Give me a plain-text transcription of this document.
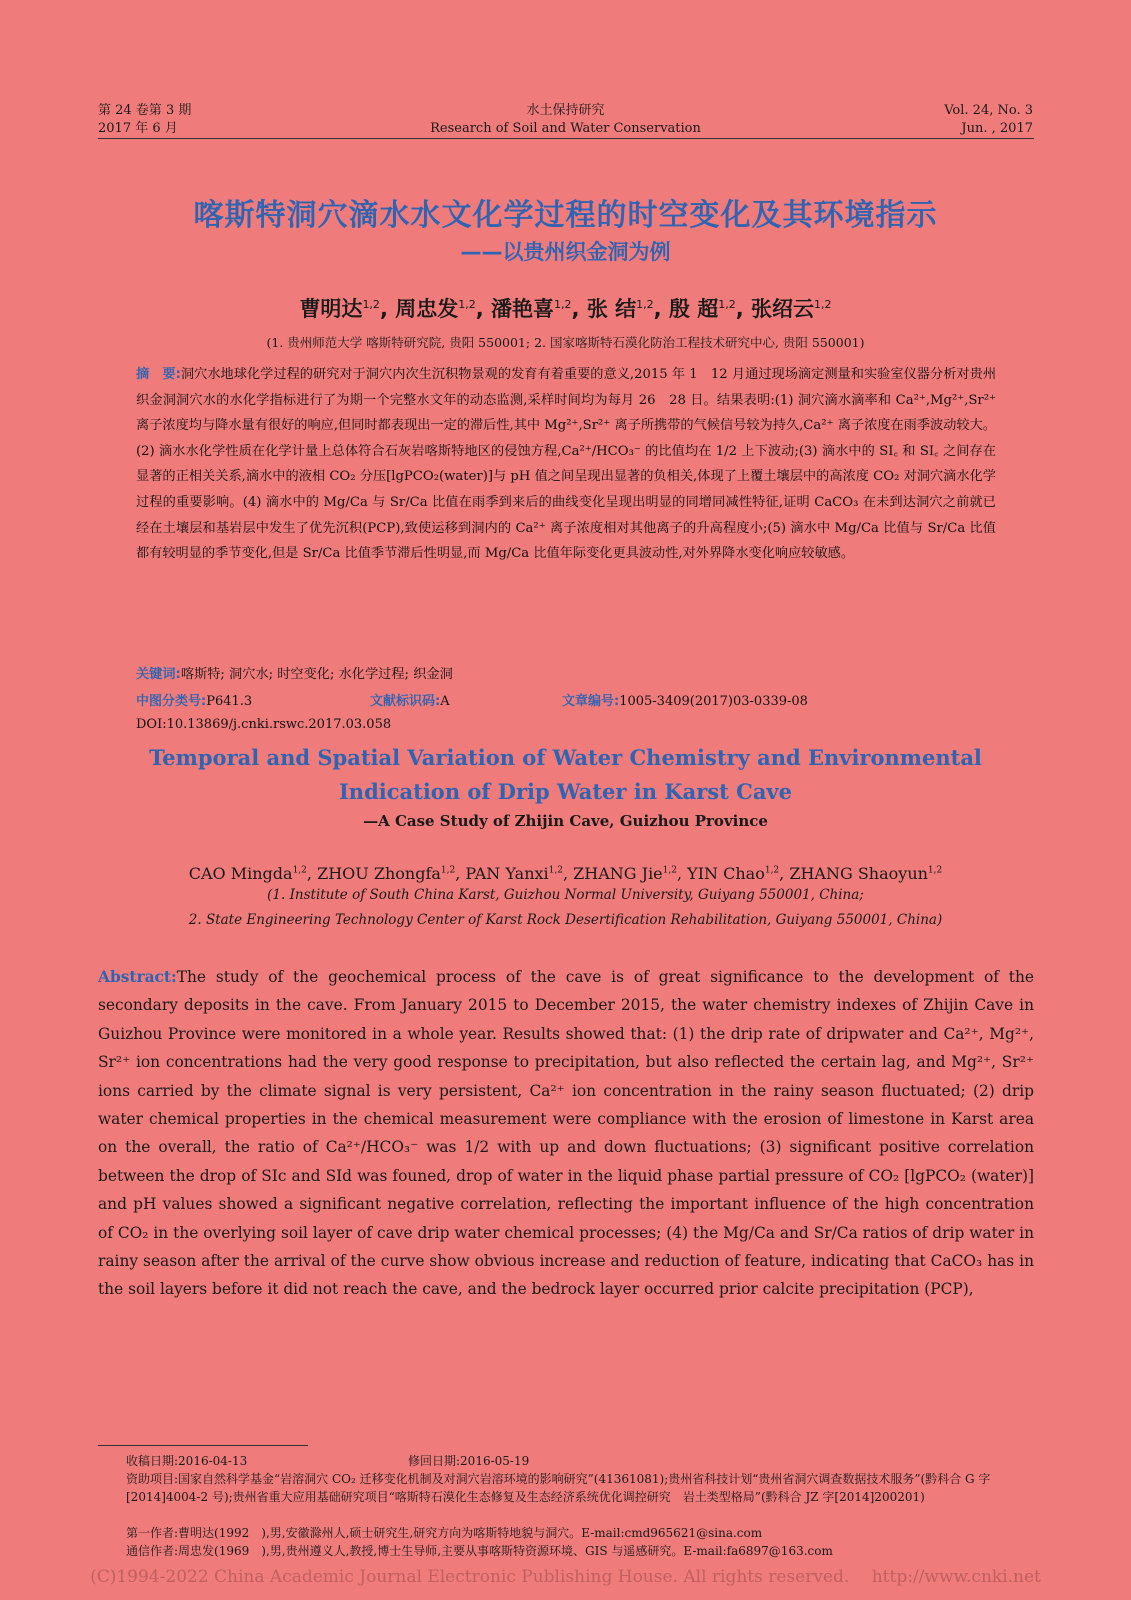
第 24 卷第 3 期
2017 年 6 月
水土保持研究
Research of Soil and Water Conservation
Vol. 24, No. 3
Jun. , 2017
喀斯特洞穴滴水水文化学过程的时空变化及其环境指示
——以贵州织金洞为例
曹明达$^{1,2}$, 周忠发$^{1,2}$, 潘艳喜$^{1,2}$, 张 结$^{1,2}$, 殷 超$^{1,2}$, 张绍云$^{1,2}$
(1. 贵州师范大学 喀斯特研究院, 贵阳 550001; 2. 国家喀斯特石漠化防治工程技术研究中心, 贵阳 550001)
摘　要:洞穴水地球化学过程的研究对于洞穴内次生沉积物景观的发育有着重要的意义,2015 年 1　12 月通过现场滴定测量和实验室仪器分析对贵州织金洞洞穴水的水化学指标进行了为期一个完整水文年的动态监测,采样时间均为每月 26　28 日。结果表明:(1) 洞穴滴水滴率和 Ca²⁺,Mg²⁺,Sr²⁺ 离子浓度均与降水量有很好的响应,但同时都表现出一定的滞后性,其中 Mg²⁺,Sr²⁺ 离子所携带的气候信号较为持久,Ca²⁺ 离子浓度在雨季波动较大。(2) 滴水水化学性质在化学计量上总体符合石灰岩喀斯特地区的侵蚀方程,Ca²⁺/HCO₃⁻ 的比值均在 1/2 上下波动;(3) 滴水中的 SI꜀ 和 SI꜀ 之间存在显著的正相关关系,滴水中的液相 CO₂ 分压[lgPCO₂(water)]与 pH 值之间呈现出显著的负相关,体现了上覆土壤层中的高浓度 CO₂ 对洞穴滴水化学过程的重要影响。(4) 滴水中的 Mg/Ca 与 Sr/Ca 比值在雨季到来后的曲线变化呈现出明显的同增同减性特征,证明 CaCO₃ 在未到达洞穴之前就已经在土壤层和基岩层中发生了优先沉积(PCP),致使运移到洞内的 Ca²⁺ 离子浓度相对其他离子的升高程度小;(5) 滴水中 Mg/Ca 比值与 Sr/Ca 比值都有较明显的季节变化,但是 Sr/Ca 比值季节滞后性明显,而 Mg/Ca 比值年际变化更具波动性,对外界降水变化响应较敏感。
关键词:喀斯特; 洞穴水; 时空变化; 水化学过程; 织金洞
中图分类号:P641.3	文献标识码:A	文章编号:1005-3409(2017)03-0339-08
DOI:10.13869/j.cnki.rswc.2017.03.058
Temporal and Spatial Variation of Water Chemistry and Environmental
Indication of Drip Water in Karst Cave
—A Case Study of Zhijin Cave, Guizhou Province
CAO Mingda$^{1,2}$, ZHOU Zhongfa$^{1,2}$, PAN Yanxi$^{1,2}$, ZHANG Jie$^{1,2}$, YIN Chao$^{1,2}$, ZHANG Shaoyun$^{1,2}$
(1. Institute of South China Karst, Guizhou Normal University, Guiyang 550001, China;
2. State Engineering Technology Center of Karst Rock Desertification Rehabilitation, Guiyang 550001, China)
Abstract:The study of the geochemical process of the cave is of great significance to the development of the secondary deposits in the cave. From January 2015 to December 2015, the water chemistry indexes of Zhijin Cave in Guizhou Province were monitored in a whole year. Results showed that: (1) the drip rate of dripwater and Ca²⁺, Mg²⁺, Sr²⁺ ion concentrations had the very good response to precipitation, but also reflected the certain lag, and Mg²⁺, Sr²⁺ ions carried by the climate signal is very persistent, Ca²⁺ ion concentration in the rainy season fluctuated; (2) drip water chemical properties in the chemical measurement were compliance with the erosion of limestone in Karst area on the overall, the ratio of Ca²⁺/HCO₃⁻ was 1/2 with up and down fluctuations; (3) significant positive correlation between the drop of SIc and SId was founed, drop of water in the liquid phase partial pressure of CO₂ [lgPCO₂ (water)] and pH values showed a significant negative correlation, reflecting the important influence of the high concentration of CO₂ in the overlying soil layer of cave drip water chemical processes; (4) the Mg/Ca and Sr/Ca ratios of drip water in rainy season after the arrival of the curve show obvious increase and reduction of feature, indicating that CaCO₃ has in the soil layers before it did not reach the cave, and the bedrock layer occurred prior calcite precipitation (PCP),
收稿日期:2016-04-13	修回日期:2016-05-19
资助项目:国家自然科学基金“岩溶洞穴 CO₂ 迁移变化机制及对洞穴岩溶环境的影响研究”(41361081);贵州省科技计划“贵州省洞穴调查数据技术服务”(黔科合 G 字[2014]4004-2 号);贵州省重大应用基础研究项目“喀斯特石漠化生态修复及生态经济系统优化调控研究　岩土类型格局”(黔科合 JZ 字[2014]200201)
第一作者:曹明达(1992　),男,安徽滁州人,硕士研究生,研究方向为喀斯特地貌与洞穴。E-mail:cmd965621@sina.com
通信作者:周忠发(1969　),男,贵州遵义人,教授,博士生导师,主要从事喀斯特资源环境、GIS 与遥感研究。E-mail:fa6897@163.com
(C)1994-2022 China Academic Journal Electronic Publishing House. All rights reserved.　 http://www.cnki.net
